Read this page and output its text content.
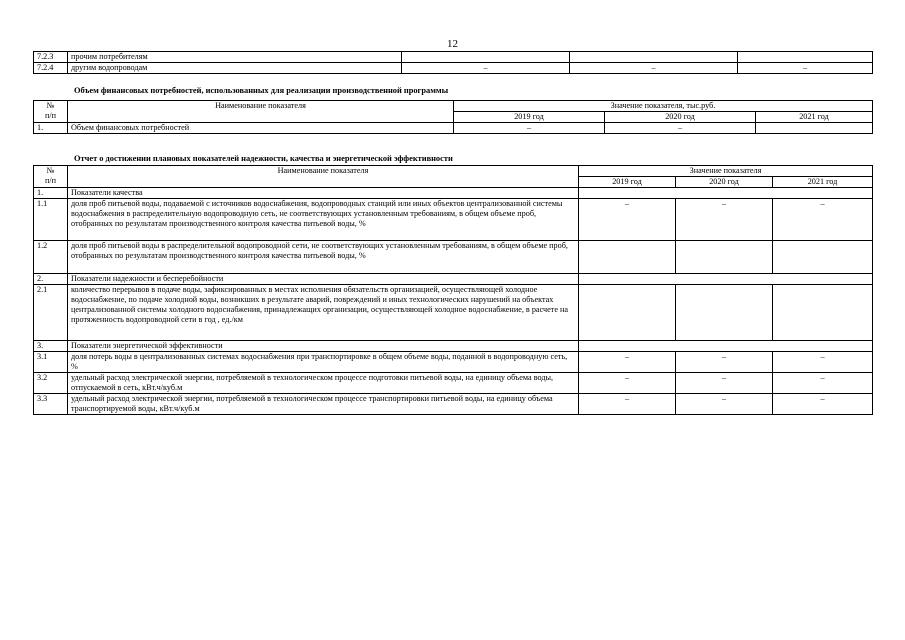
12
7.2.3	прочим потребителям			
7.2.4	другим водопроводам	–	–	–
Объем финансовых потребностей, использованных для реализации производственной программы
№
п/п	Наименование показателя	Значение показателя, тыс.руб.		
		2019 год	2020 год	2021 год
1.	Объем финансовых потребностей	–	–	
Отчет о достижении плановых показателей надежности, качества и энергетической эффективности
№
п/п	Наименование показателя	Значение показателя		
		2019 год	2020 год	2021 год
1.	Показатели качества			
1.1	доля проб питьевой воды, подаваемой с источников водоснабжения, водопроводных станций или иных объектов централизованной системы водоснабжения в распределительную водопроводную сеть, не соответствующих установленным требованиям, в общем объеме проб, отобранных по результатам производственного контроля качества питьевой воды, %	–	–	–
1.2	доля проб питьевой воды в распределительной водопроводной сети, не соответствующих установленным требованиям, в общем объеме проб, отобранных по результатам производственного контроля качества питьевой воды, %			
2.	Показатели надежности и бесперебойности			
2.1	количество перерывов в подаче воды, зафиксированных в местах исполнения обязательств организацией, осуществляющей холодное водоснабжение, по подаче холодной воды, возникших в результате аварий, повреждений и иных технологических нарушений на объектах централизованной системы холодного водоснабжения, принадлежащих организации, осуществляющей холодное водоснабжение, в расчете на протяженность водопроводной сети в год , ед./км			
3.	Показатели энергетической эффективности			
3.1	доля потерь воды в централизованных системах водоснабжения при транспортировке в общем объеме воды, поданной в водопроводную сеть, %	–	–	–
3.2	удельный расход электрической энергии, потребляемой в технологическом процессе подготовки питьевой воды, на единицу объема воды, отпускаемой в сеть, кВт.ч/куб.м	–	–	–
3.3	удельный расход электрической энергии, потребляемой в технологическом процессе транспортировки питьевой воды, на единицу объема транспортируемой воды, кВт.ч/куб.м	–	–	–
